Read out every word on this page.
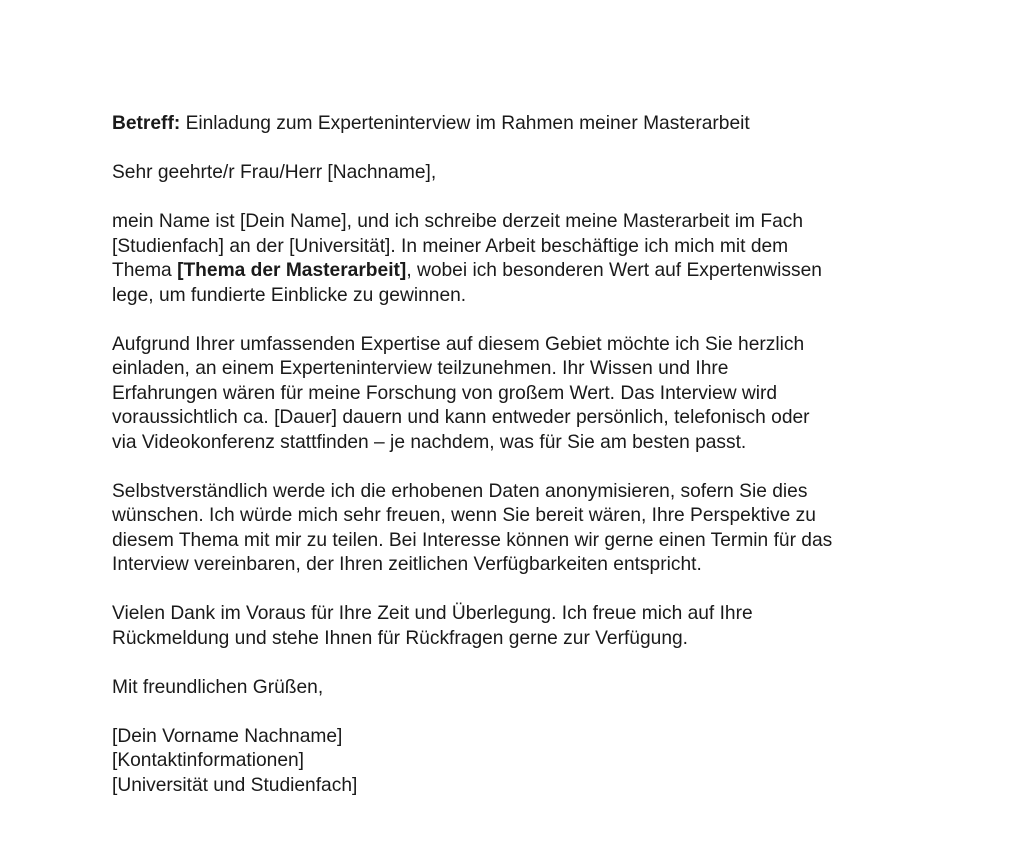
Betreff: Einladung zum Experteninterview im Rahmen meiner Masterarbeit

Sehr geehrte/r Frau/Herr [Nachname],

mein Name ist [Dein Name], und ich schreibe derzeit meine Masterarbeit im Fach
[Studienfach] an der [Universität]. In meiner Arbeit beschäftige ich mich mit dem
Thema [Thema der Masterarbeit], wobei ich besonderen Wert auf Expertenwissen
lege, um fundierte Einblicke zu gewinnen.

Aufgrund Ihrer umfassenden Expertise auf diesem Gebiet möchte ich Sie herzlich
einladen, an einem Experteninterview teilzunehmen. Ihr Wissen und Ihre
Erfahrungen wären für meine Forschung von großem Wert. Das Interview wird
voraussichtlich ca. [Dauer] dauern und kann entweder persönlich, telefonisch oder
via Videokonferenz stattfinden – je nachdem, was für Sie am besten passt.

Selbstverständlich werde ich die erhobenen Daten anonymisieren, sofern Sie dies
wünschen. Ich würde mich sehr freuen, wenn Sie bereit wären, Ihre Perspektive zu
diesem Thema mit mir zu teilen. Bei Interesse können wir gerne einen Termin für das
Interview vereinbaren, der Ihren zeitlichen Verfügbarkeiten entspricht.

Vielen Dank im Voraus für Ihre Zeit und Überlegung. Ich freue mich auf Ihre
Rückmeldung und stehe Ihnen für Rückfragen gerne zur Verfügung.

Mit freundlichen Grüßen,

[Dein Vorname Nachname]
[Kontaktinformationen]
[Universität und Studienfach]
